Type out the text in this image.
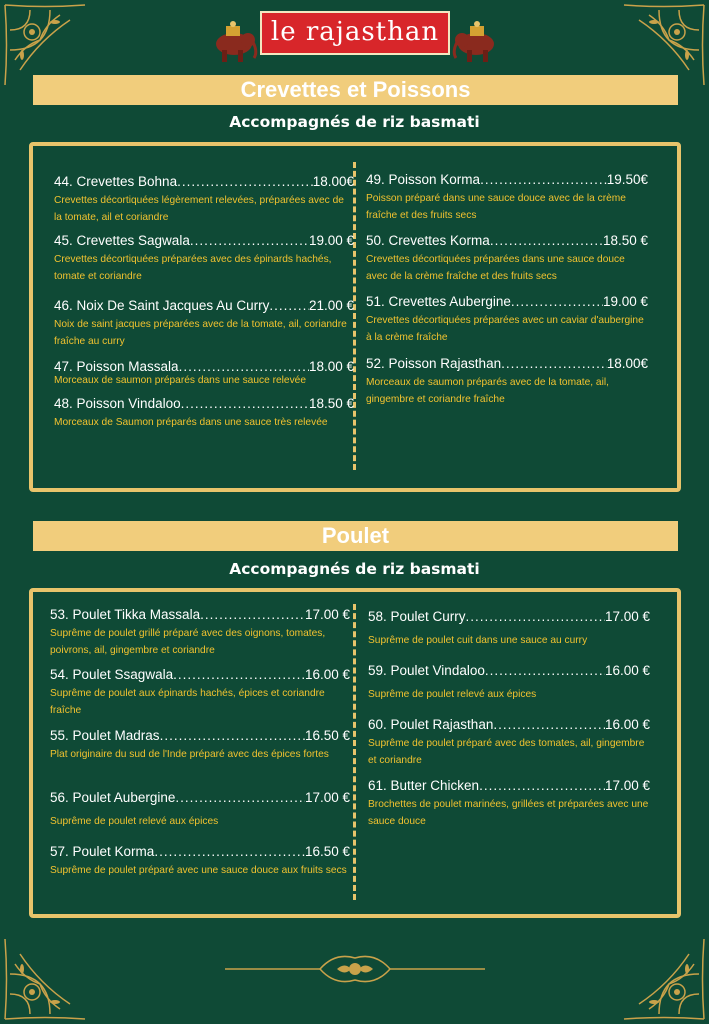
le rajasthan
Crevettes et Poissons
Accompagnés de riz basmati
44. Crevettes Bohna .....	18.00€
Crevettes décortiquées légèrement relevées, préparées avec de la tomate, ail et coriandre
45. Crevettes Sagwala .....	19.00 €
Crevettes décortiquées préparées avec des épinards hachés, tomate et coriandre
46. Noix De Saint Jacques Au Curry .....	21.00 €
Noix de saint jacques préparées avec de la tomate, ail, coriandre fraîche au curry
47. Poisson Massala .....	18.00 €
Morceaux de saumon préparés dans une sauce relevée
48. Poisson Vindaloo .....	18.50 €
Morceaux de Saumon préparés dans une sauce très relevée
49. Poisson Korma .....	19.50€
Poisson préparé dans une sauce douce avec de la crème fraîche et des fruits secs
50. Crevettes Korma .....	18.50 €
Crevettes décortiquées préparées dans une sauce douce avec de la crème fraîche et des fruits secs
51. Crevettes Aubergine .....	19.00 €
Crevettes décortiquées préparées avec un caviar d'aubergine à la crème fraîche
52. Poisson Rajasthan .....	18.00€
Morceaux de saumon préparés avec de la tomate, ail, gingembre et coriandre fraîche
Poulet
Accompagnés de riz basmati
53. Poulet Tikka Massala .....	17.00 €
Suprême de poulet grillé préparé avec des oignons, tomates, poivrons, ail, gingembre et coriandre
54. Poulet Ssagwala .....	16.00 €
Suprême de poulet aux épinards hachés, épices et coriandre fraîche
55. Poulet Madras .....	16.50 €
Plat originaire du sud de l'Inde préparé avec des épices fortes
56. Poulet Aubergine .....	17.00 €
Suprême de poulet relevé aux épices
57. Poulet Korma .....	16.50 €
Suprême de poulet préparé avec une sauce douce aux fruits secs
58. Poulet Curry .....	17.00 €
Suprême de poulet cuit dans une sauce au curry
59. Poulet Vindaloo .....	16.00 €
Suprême de poulet relevé aux épices
60. Poulet Rajasthan .....	16.00 €
Suprême de poulet préparé avec des tomates, ail, gingembre et coriandre
61. Butter Chicken .....	17.00 €
Brochettes de poulet marinées, grillées et préparées avec une sauce douce
